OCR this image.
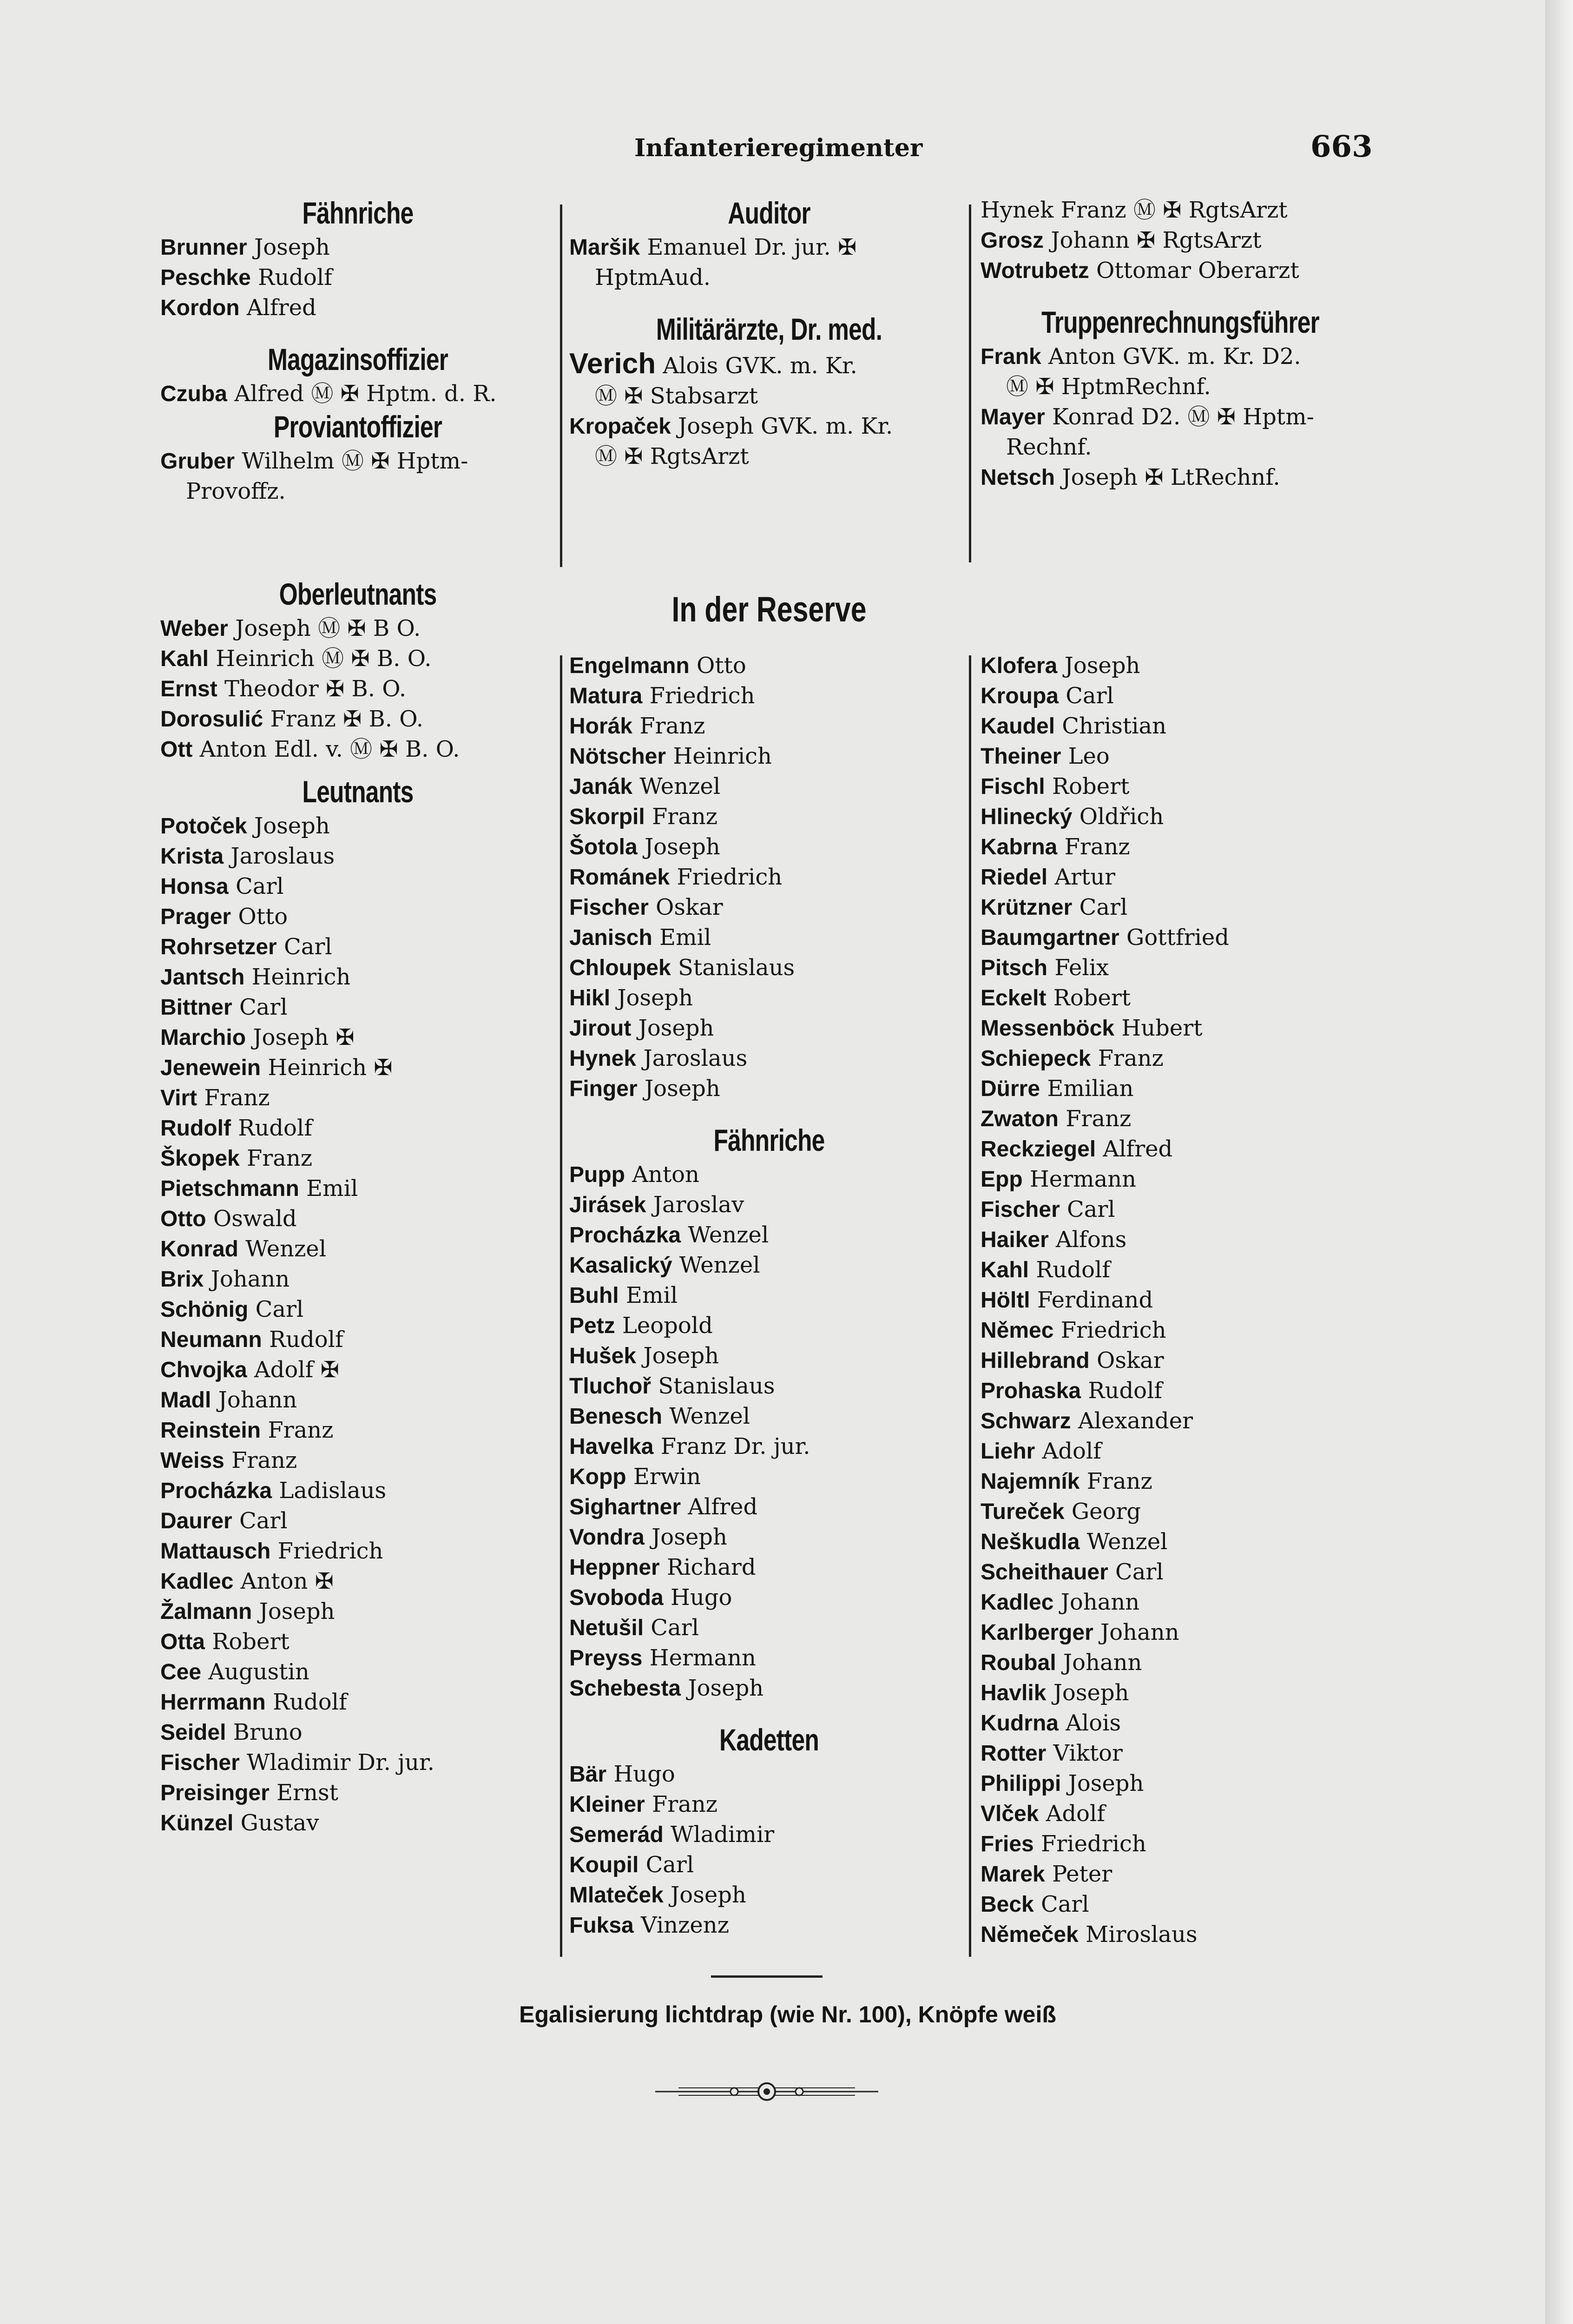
Infanterieregimenter	663
Fähnriche
Brunner Joseph
Peschke Rudolf
Kordon Alfred
Magazinsoffizier
Czuba Alfred Ⓜ ✠ Hptm. d. R.
Proviantoffizier
Gruber Wilhelm Ⓜ ✠ Hptm-
Provoffz.
Oberleutnants
Weber Joseph Ⓜ ✠ B O.
Kahl Heinrich Ⓜ ✠ B. O.
Ernst Theodor ✠ B. O.
Dorosulić Franz ✠ B. O.
Ott Anton Edl. v. Ⓜ ✠ B. O.
Leutnants
Potoček Joseph
Krista Jaroslaus
Honsa Carl
Prager Otto
Rohrsetzer Carl
Jantsch Heinrich
Bittner Carl
Marchio Joseph ✠
Jenewein Heinrich ✠
Virt Franz
Rudolf Rudolf
Škopek Franz
Pietschmann Emil
Otto Oswald
Konrad Wenzel
Brix Johann
Schönig Carl
Neumann Rudolf
Chvojka Adolf ✠
Madl Johann
Reinstein Franz
Weiss Franz
Procházka Ladislaus
Daurer Carl
Mattausch Friedrich
Kadlec Anton ✠
Žalmann Joseph
Otta Robert
Cee Augustin
Herrmann Rudolf
Seidel Bruno
Fischer Wladimir Dr. jur.
Preisinger Ernst
Künzel Gustav
Auditor
Maršik Emanuel Dr. jur. ✠
HptmAud.
Militärärzte, Dr. med.
Verich Alois GVK. m. Kr.
Ⓜ ✠ Stabsarzt
Kropaček Joseph GVK. m. Kr.
Ⓜ ✠ RgtsArzt
Hynek Franz Ⓜ ✠ RgtsArzt
Grosz Johann ✠ RgtsArzt
Wotrubetz Ottomar Oberarzt
Truppenrechnungsführer
Frank Anton GVK. m. Kr. D2.
Ⓜ ✠ HptmRechnf.
Mayer Konrad D2. Ⓜ ✠ Hptm-
Rechnf.
Netsch Joseph ✠ LtRechnf.
In der Reserve
Engelmann Otto
Matura Friedrich
Horák Franz
Nötscher Heinrich
Janák Wenzel
Skorpil Franz
Šotola Joseph
Románek Friedrich
Fischer Oskar
Janisch Emil
Chloupek Stanislaus
Hikl Joseph
Jirout Joseph
Hynek Jaroslaus
Finger Joseph
Fähnriche
Pupp Anton
Jirásek Jaroslav
Procházka Wenzel
Kasalický Wenzel
Buhl Emil
Petz Leopold
Hušek Joseph
Tluchoř Stanislaus
Benesch Wenzel
Havelka Franz Dr. jur.
Kopp Erwin
Sighartner Alfred
Vondra Joseph
Heppner Richard
Svoboda Hugo
Netušil Carl
Preyss Hermann
Schebesta Joseph
Kadetten
Bär Hugo
Kleiner Franz
Semerád Wladimir
Koupil Carl
Mlateček Joseph
Fuksa Vinzenz
Klofera Joseph
Kroupa Carl
Kaudel Christian
Theiner Leo
Fischl Robert
Hlinecký Oldřich
Kabrna Franz
Riedel Artur
Krützner Carl
Baumgartner Gottfried
Pitsch Felix
Eckelt Robert
Messenböck Hubert
Schiepeck Franz
Dürre Emilian
Zwaton Franz
Reckziegel Alfred
Epp Hermann
Fischer Carl
Haiker Alfons
Kahl Rudolf
Höltl Ferdinand
Němec Friedrich
Hillebrand Oskar
Prohaska Rudolf
Schwarz Alexander
Liehr Adolf
Najemník Franz
Tureček Georg
Neškudla Wenzel
Scheithauer Carl
Kadlec Johann
Karlberger Johann
Roubal Johann
Havlik Joseph
Kudrna Alois
Rotter Viktor
Philippi Joseph
Vlček Adolf
Fries Friedrich
Marek Peter
Beck Carl
Němeček Miroslaus
Egalisierung lichtdrap (wie Nr. 100), Knöpfe weiß
